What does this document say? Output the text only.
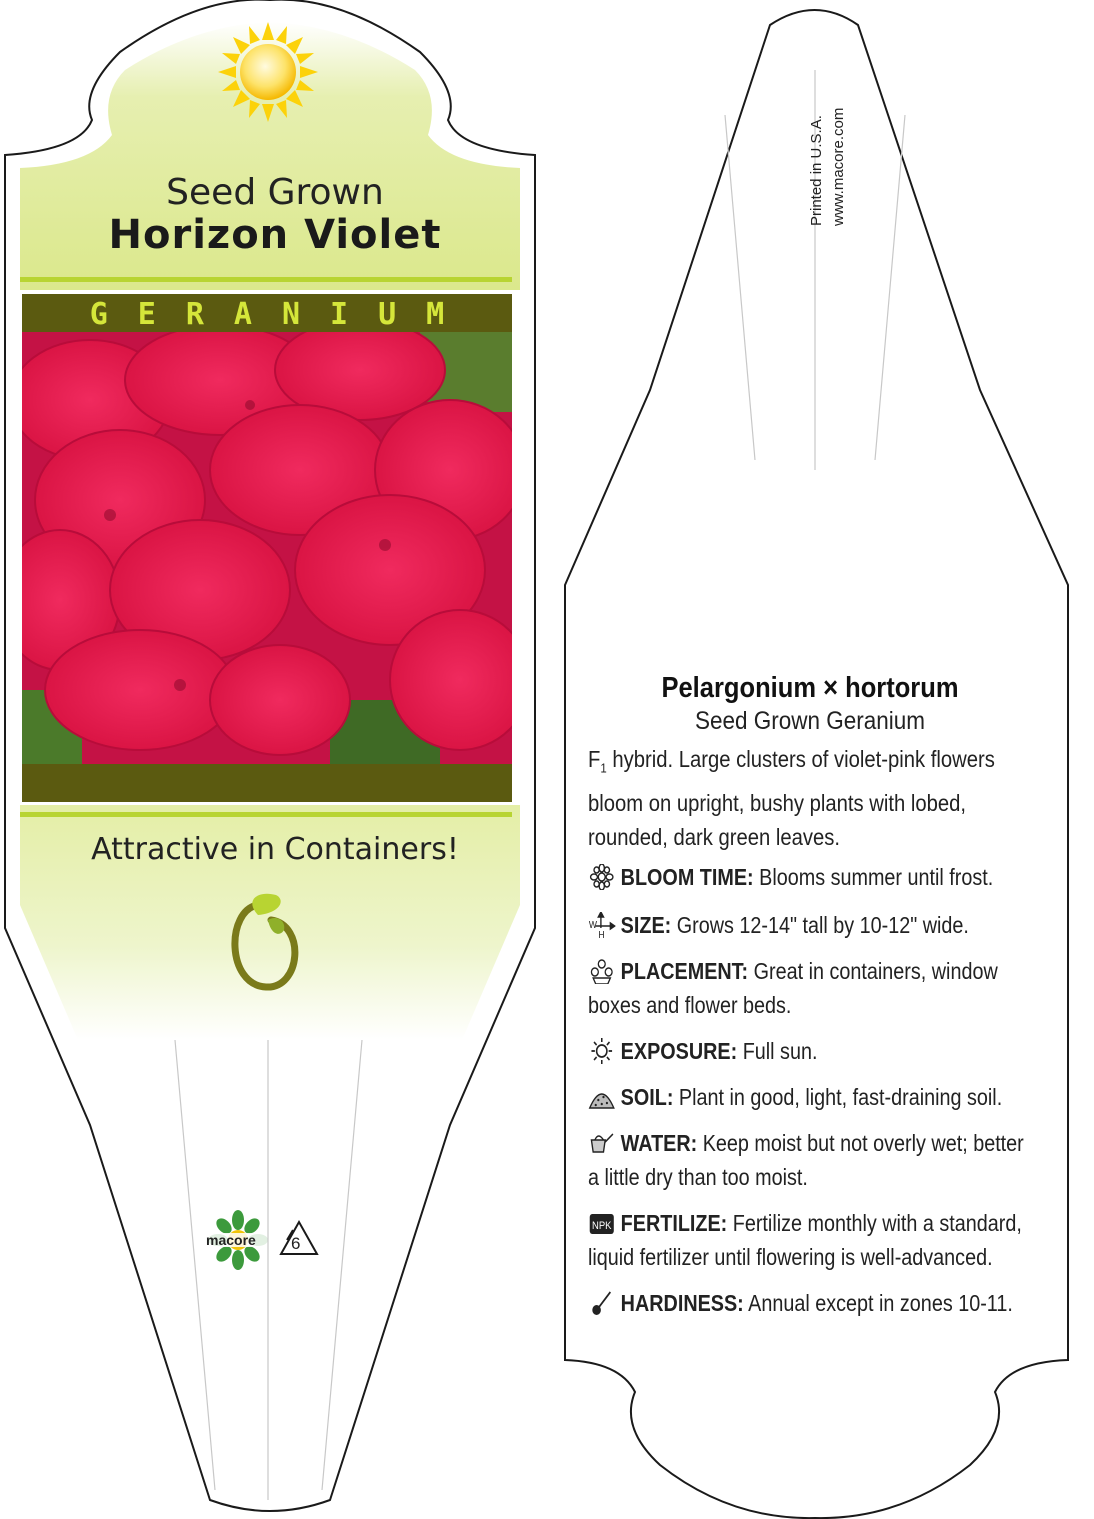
Seed Grown
Horizon Violet
GERANIUM
Attractive in Containers!
macore 6
Printed in U.S.A. www.macore.com
Pelargonium × hortorum
Seed Grown Geranium
$F_1$ hybrid. Large clusters of violet-pink flowers bloom on upright, bushy plants with lobed, rounded, dark green leaves.
BLOOM TIME: Blooms summer until frost.
W
H SIZE: Grows 12-14" tall by 10-12" wide.
PLACEMENT: Great in containers, window boxes and flower beds.
EXPOSURE: Full sun.
SOIL: Plant in good, light, fast-draining soil.
WATER: Keep moist but not overly wet; better a little dry than too moist.
NPK FERTILIZE: Fertilize monthly with a standard, liquid fertilizer until flowering is well-advanced.
HARDINESS: Annual except in zones 10-11.
